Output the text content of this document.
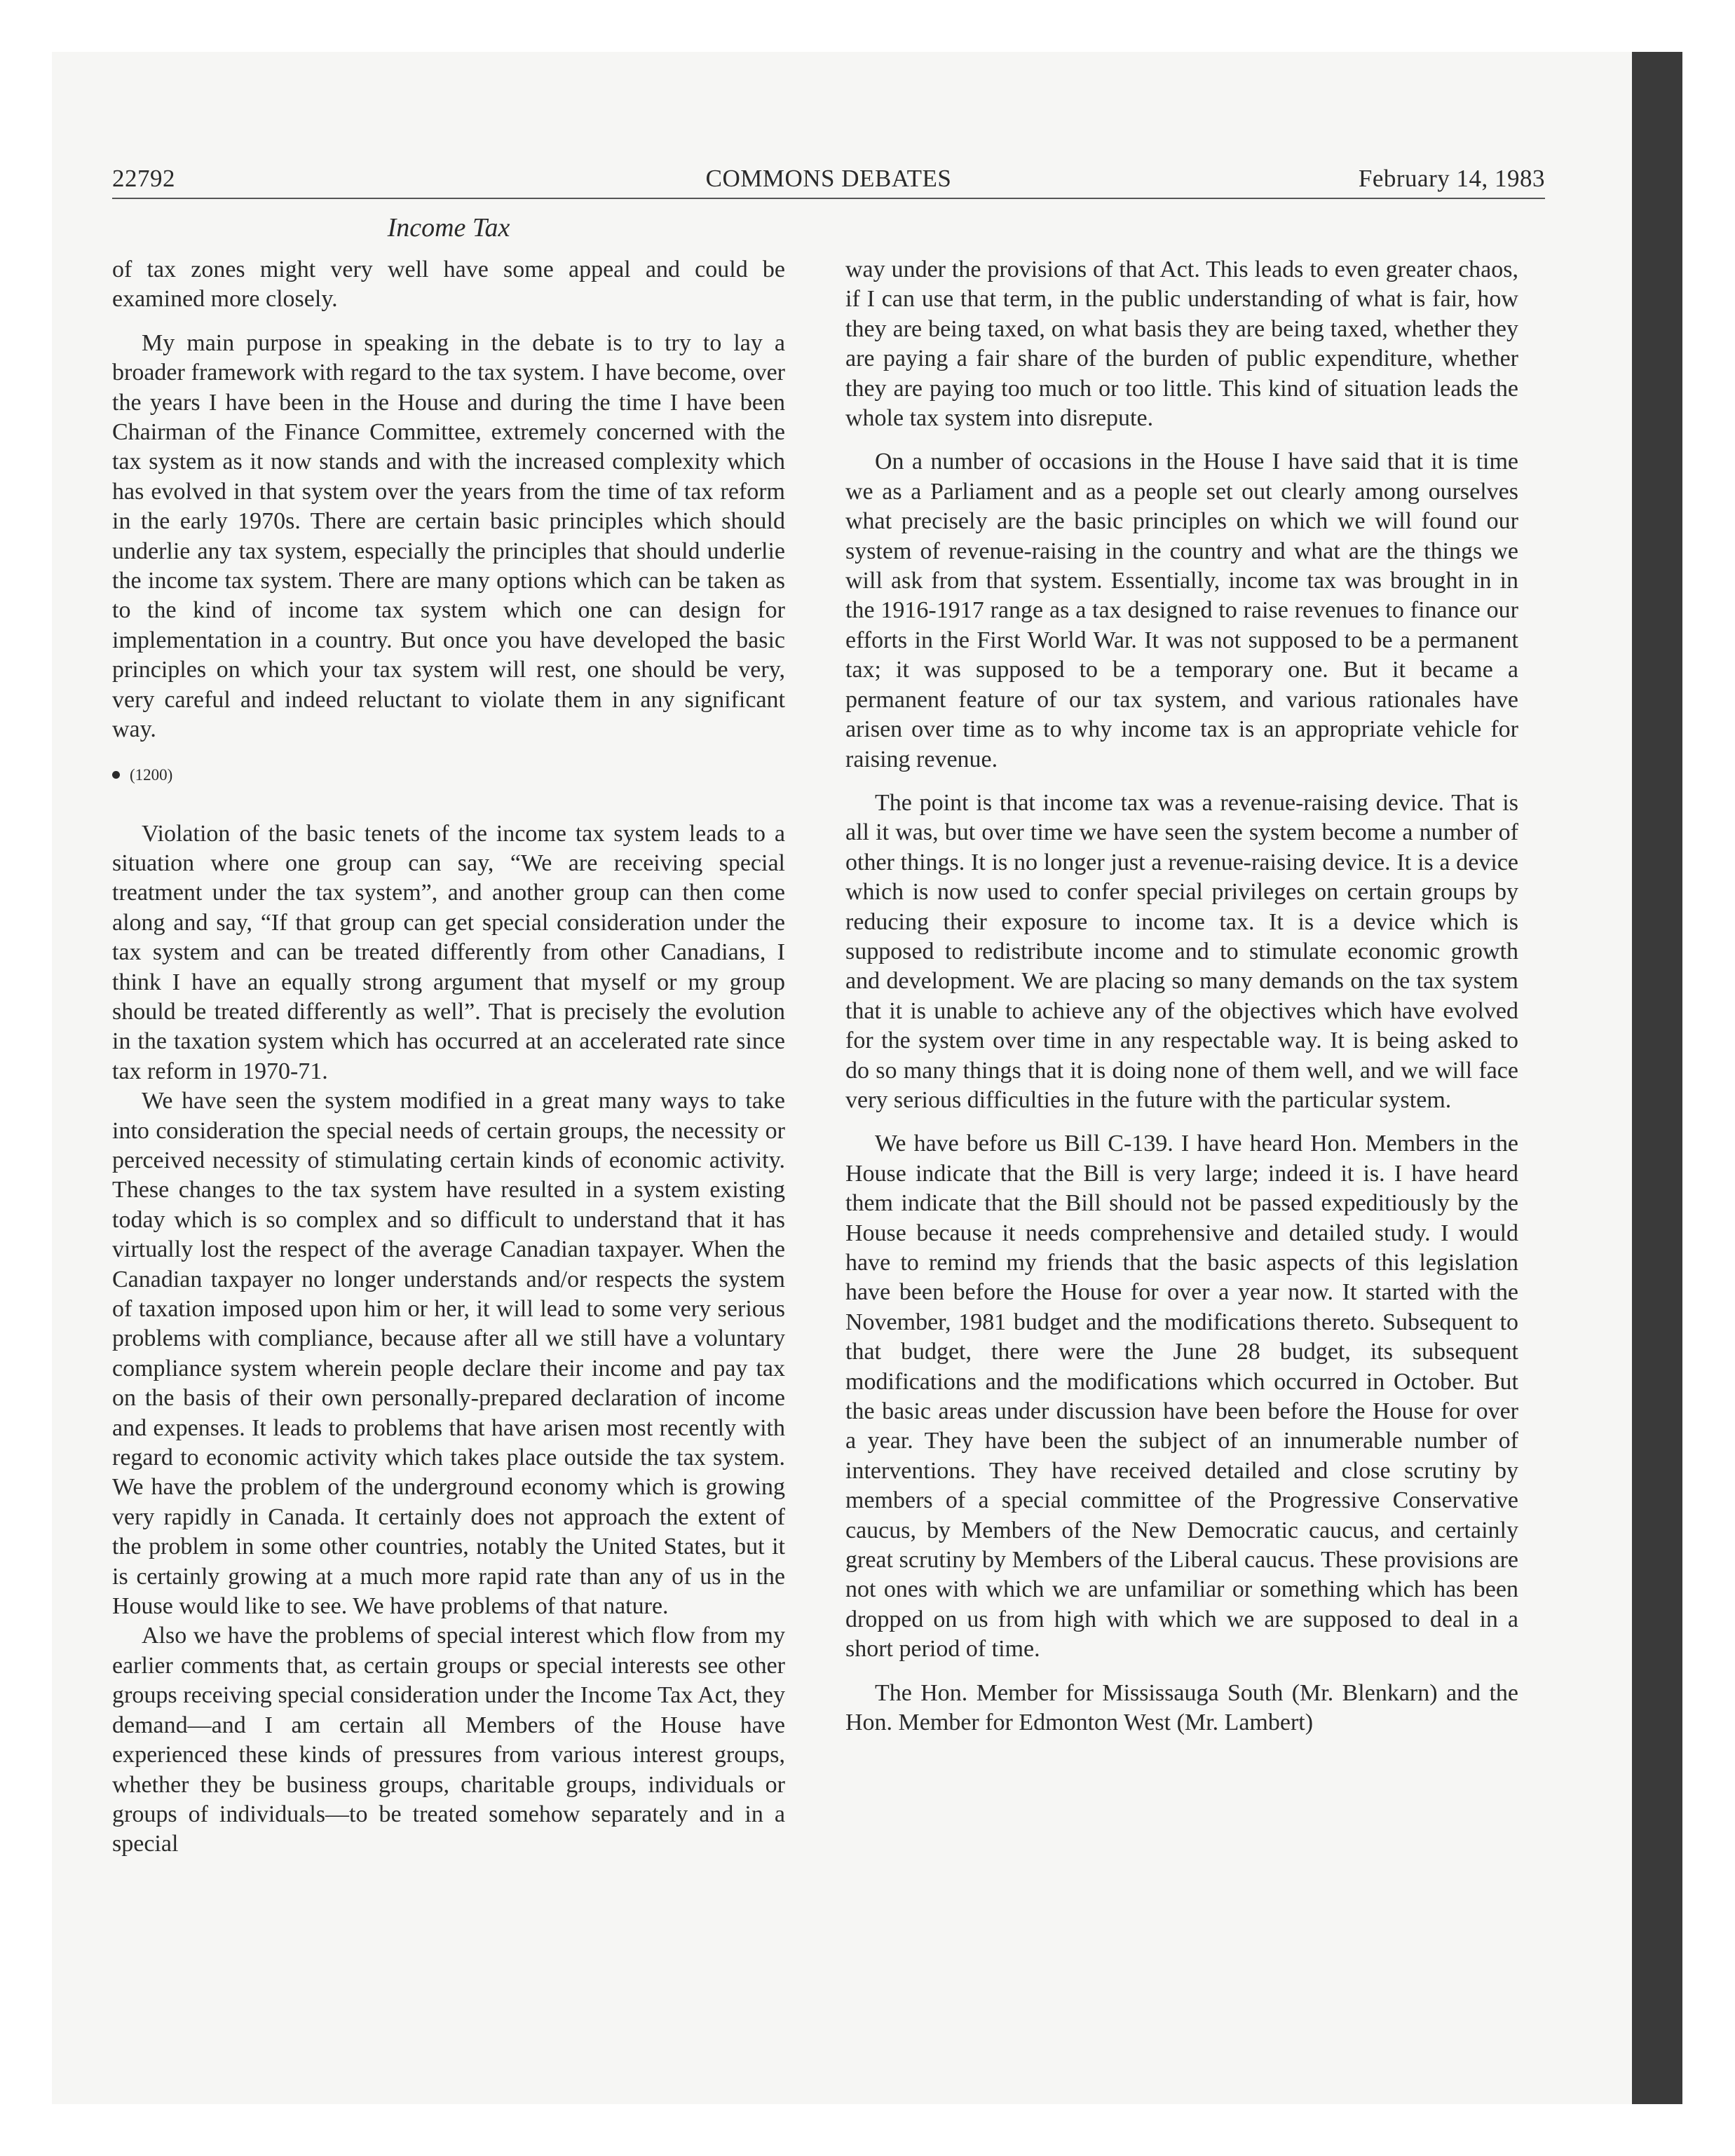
22792	COMMONS DEBATES	February 14, 1983
Income Tax

of tax zones might very well have some appeal and could be examined more closely.

My main purpose in speaking in the debate is to try to lay a broader framework with regard to the tax system. I have become, over the years I have been in the House and during the time I have been Chairman of the Finance Committee, extremely concerned with the tax system as it now stands and with the increased complexity which has evolved in that system over the years from the time of tax reform in the early 1970s. There are certain basic principles which should underlie any tax system, especially the principles that should underlie the income tax system. There are many options which can be taken as to the kind of income tax system which one can design for implementation in a country. But once you have developed the basic principles on which your tax system will rest, one should be very, very careful and indeed reluctant to violate them in any significant way.

(1200)

Violation of the basic tenets of the income tax system leads to a situation where one group can say, “We are receiving special treatment under the tax system”, and another group can then come along and say, “If that group can get special consideration under the tax system and can be treated differently from other Canadians, I think I have an equally strong argument that myself or my group should be treated differently as well”. That is precisely the evolution in the taxation system which has occurred at an accelerated rate since tax reform in 1970-71.

We have seen the system modified in a great many ways to take into consideration the special needs of certain groups, the necessity or perceived necessity of stimulating certain kinds of economic activity. These changes to the tax system have resulted in a system existing today which is so complex and so difficult to understand that it has virtually lost the respect of the average Canadian taxpayer. When the Canadian taxpayer no longer understands and/or respects the system of taxation imposed upon him or her, it will lead to some very serious problems with compliance, because after all we still have a voluntary compliance system wherein people declare their income and pay tax on the basis of their own personally-prepared declaration of income and expenses. It leads to problems that have arisen most recently with regard to economic activity which takes place outside the tax system. We have the problem of the underground economy which is growing very rapidly in Canada. It certainly does not approach the extent of the problem in some other countries, notably the United States, but it is certainly growing at a much more rapid rate than any of us in the House would like to see. We have problems of that nature.

Also we have the problems of special interest which flow from my earlier comments that, as certain groups or special interests see other groups receiving special consideration under the Income Tax Act, they demand—and I am certain all Members of the House have experienced these kinds of pressures from various interest groups, whether they be business groups, charitable groups, individuals or groups of individuals—to be treated somehow separately and in a special

way under the provisions of that Act. This leads to even greater chaos, if I can use that term, in the public understanding of what is fair, how they are being taxed, on what basis they are being taxed, whether they are paying a fair share of the burden of public expenditure, whether they are paying too much or too little. This kind of situation leads the whole tax system into disrepute.

On a number of occasions in the House I have said that it is time we as a Parliament and as a people set out clearly among ourselves what precisely are the basic principles on which we will found our system of revenue-raising in the country and what are the things we will ask from that system. Essentially, income tax was brought in in the 1916-1917 range as a tax designed to raise revenues to finance our efforts in the First World War. It was not supposed to be a permanent tax; it was supposed to be a temporary one. But it became a permanent feature of our tax system, and various rationales have arisen over time as to why income tax is an appropriate vehicle for raising revenue.

The point is that income tax was a revenue-raising device. That is all it was, but over time we have seen the system become a number of other things. It is no longer just a revenue-raising device. It is a device which is now used to confer special privileges on certain groups by reducing their exposure to income tax. It is a device which is supposed to redistribute income and to stimulate economic growth and development. We are placing so many demands on the tax system that it is unable to achieve any of the objectives which have evolved for the system over time in any respectable way. It is being asked to do so many things that it is doing none of them well, and we will face very serious difficulties in the future with the particular system.

We have before us Bill C-139. I have heard Hon. Members in the House indicate that the Bill is very large; indeed it is. I have heard them indicate that the Bill should not be passed expeditiously by the House because it needs comprehensive and detailed study. I would have to remind my friends that the basic aspects of this legislation have been before the House for over a year now. It started with the November, 1981 budget and the modifications thereto. Subsequent to that budget, there were the June 28 budget, its subsequent modifications and the modifications which occurred in October. But the basic areas under discussion have been before the House for over a year. They have been the subject of an innumerable number of interventions. They have received detailed and close scrutiny by members of a special committee of the Progressive Conservative caucus, by Members of the New Democratic caucus, and certainly great scrutiny by Members of the Liberal caucus. These provisions are not ones with which we are unfamiliar or something which has been dropped on us from high with which we are supposed to deal in a short period of time.

The Hon. Member for Mississauga South (Mr. Blenkarn) and the Hon. Member for Edmonton West (Mr. Lambert)
